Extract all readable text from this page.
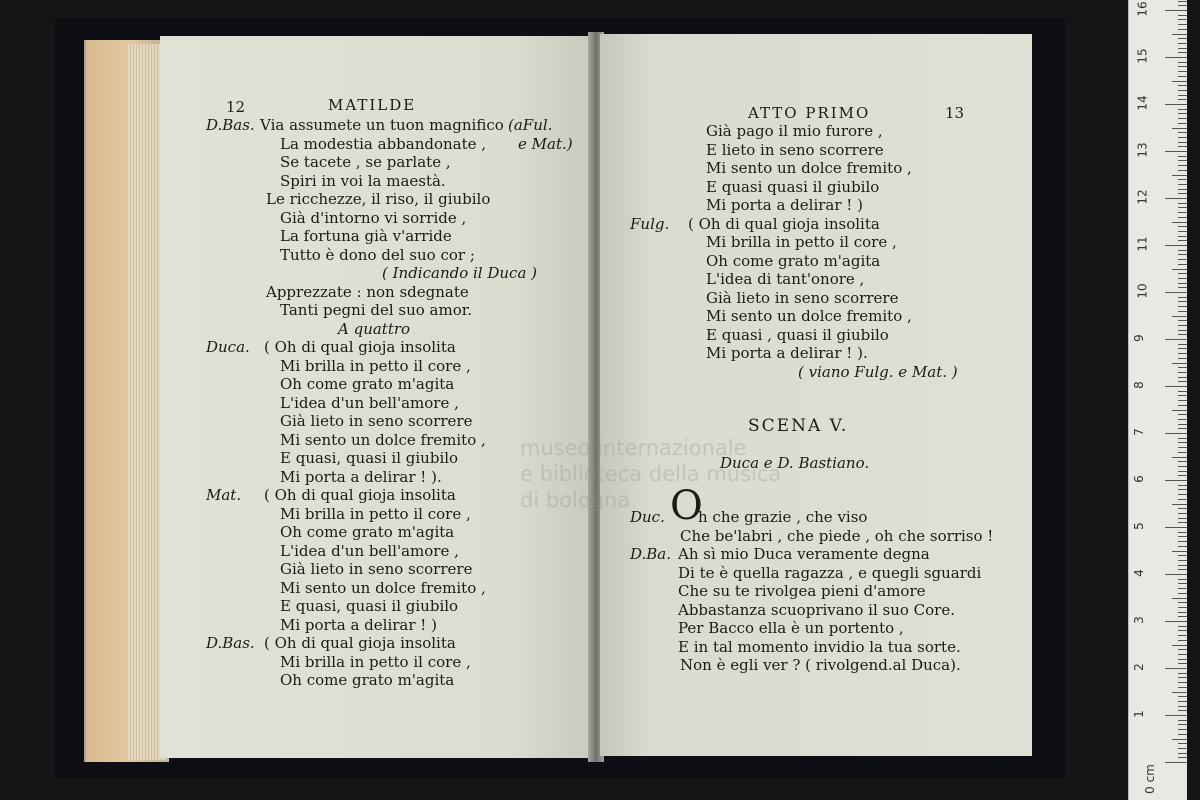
12	MATILDE
D.Bas. Via assumete un tuon magnifico (aFul.
La modestia abbandonate , e Mat.)
Se tacete , se parlate ,
Spiri in voi la maestà.
Le ricchezze, il riso, il giubilo
Già d'intorno vi sorride ,
La fortuna già v'arride
Tutto è dono del suo cor ;
( Indicando il Duca )
Apprezzate : non sdegnate
Tanti pegni del suo amor.
A quattro
Duca. ( Oh di qual gioja insolita
Mi brilla in petto il core ,
Oh come grato m'agita
L'idea d'un bell'amore ,
Già lieto in seno scorrere
Mi sento un dolce fremito ,
E quasi, quasi il giubilo
Mi porta a delirar ! ).
Mat. ( Oh di qual gioja insolita
Mi brilla in petto il core ,
Oh come grato m'agita
L'idea d'un bell'amore ,
Già lieto in seno scorrere
Mi sento un dolce fremito ,
E quasi, quasi il giubilo
Mi porta a delirar ! )
D.Bas. ( Oh di qual gioja insolita
Mi brilla in petto il core ,
Oh come grato m'agita
ATTO PRIMO	13
SCENA V.
Duca e D. Bastiano.
Già pago il mio furore ,
E lieto in seno scorrere
Mi sento un dolce fremito ,
E quasi quasi il giubilo
Mi porta a delirar ! )
Fulg. ( Oh di qual gioja insolita
Mi brilla in petto il core ,
Oh come grato m'agita
L'idea di tant'onore ,
Già lieto in seno scorrere
Mi sento un dolce fremito ,
E quasi , quasi il giubilo
Mi porta a delirar ! ).
( viano Fulg. e Mat. )
Duc. O
h che grazie , che viso
Che be'labri , che piede , oh che sorriso !
D.Ba. Ah sì mio Duca veramente degna
Di te è quella ragazza , e quegli sguardi
Che su te rivolgea pieni d'amore
Abbastanza scuoprivano il suo Core.
Per Bacco ella è un portento ,
E in tal momento invidio la tua sorte.
Non è egli ver ? ( rivolgend.al Duca).
museo internazionale
e biblioteca della musica
di bologna
0 cm
1
2
3
4
5
6
7
8
9
10
11
12
13
14
15
16
